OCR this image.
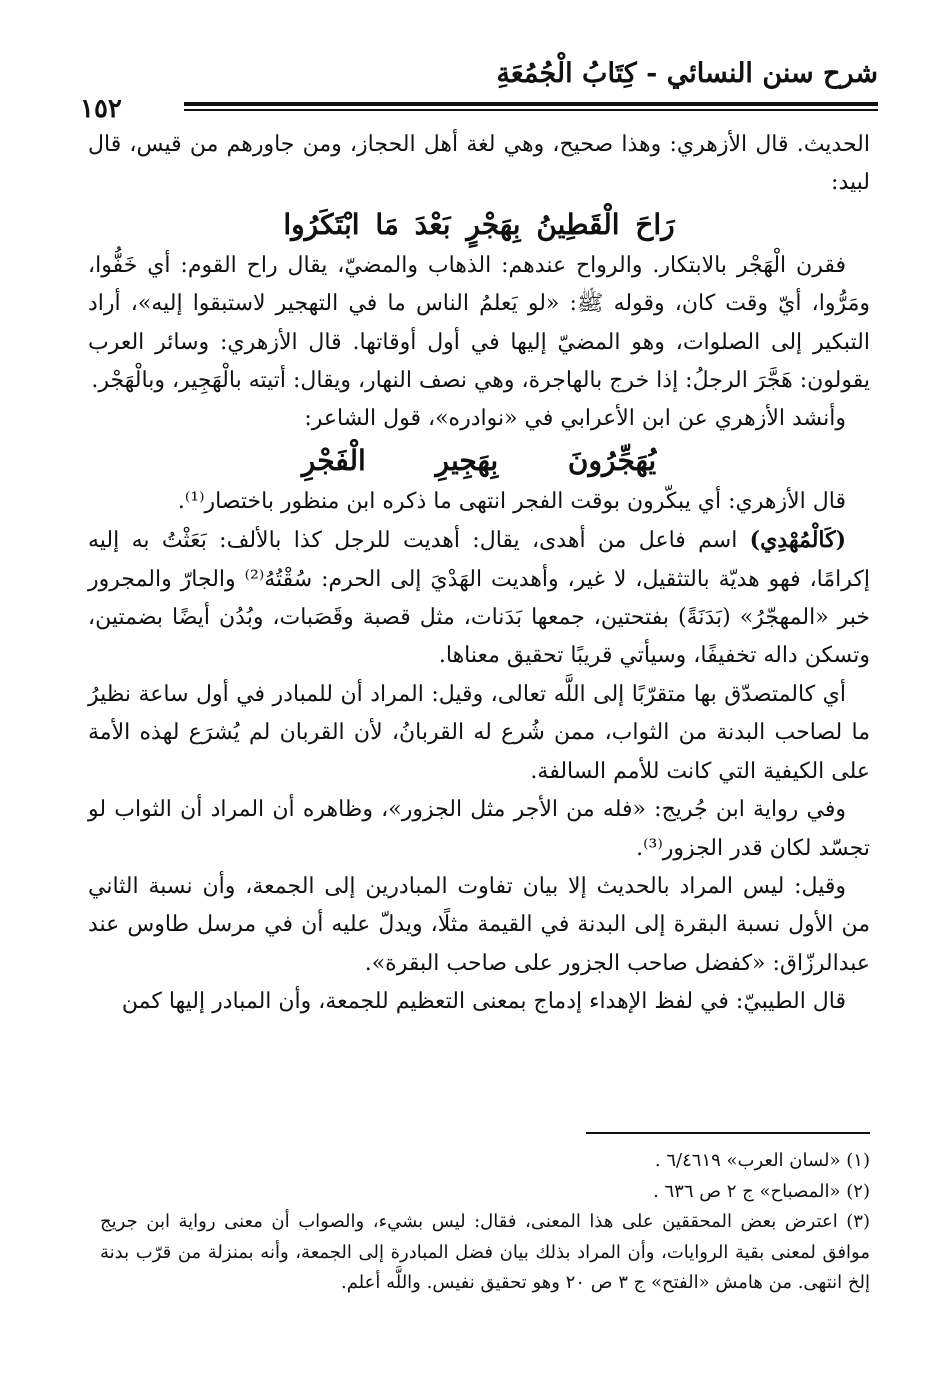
شرح سنن النسائي - كِتَابُ الْجُمُعَةِ
١٥٢

الحديث. قال الأزهري: وهذا صحيح، وهي لغة أهل الحجاز، ومن جاورهم من قيس، قال لبيد:

رَاحَ الْقَطِينُ بِهَجْرٍ بَعْدَ مَا ابْتَكَرُوا

فقرن الْهَجْر بالابتكار. والرواح عندهم: الذهاب والمضيّ، يقال راح القوم: أي خَفُّوا، ومَرُّوا، أيّ وقت كان، وقوله ﷺ: «لو يَعلمُ الناس ما في التهجير لاستبقوا إليه»، أراد التبكير إلى الصلوات، وهو المضيّ إليها في أول أوقاتها. قال الأزهري: وسائر العرب يقولون: هَجَّرَ الرجلُ: إذا خرج بالهاجرة، وهي نصف النهار، ويقال: أتيته بالْهَجِير، وبالْهَجْر.

وأنشد الأزهري عن ابن الأعرابي في «نوادره»، قول الشاعر:

يُهَجِّرُونَ بِهَجِيرِ الْفَجْرِ

قال الأزهري: أي يبكّرون بوقت الفجر انتهى ما ذكره ابن منظور باختصار⁽¹⁾.

(كَالْمُهْدِي) اسم فاعل من أهدى، يقال: أهديت للرجل كذا بالألف: بَعَثْتُ به إليه إكرامًا، فهو هديّة بالتثقيل، لا غير، وأهديت الهَدْيَ إلى الحرم: سُقْتُهُ⁽²⁾ والجارّ والمجرور خبر «المهجّرُ» (بَدَنَةً) بفتحتين، جمعها بَدَنات، مثل قصبة وقَصَبات، وبُدُن أيضًا بضمتين، وتسكن داله تخفيفًا، وسيأتي قريبًا تحقيق معناها.

أي كالمتصدّق بها متقرّبًا إلى اللَّه تعالى، وقيل: المراد أن للمبادر في أول ساعة نظيرُ ما لصاحب البدنة من الثواب، ممن شُرع له القربانُ، لأن القربان لم يُشرَع لهذه الأمة على الكيفية التي كانت للأمم السالفة.

وفي رواية ابن جُريج: «فله من الأجر مثل الجزور»، وظاهره أن المراد أن الثواب لو تجسّد لكان قدر الجزور⁽³⁾.

وقيل: ليس المراد بالحديث إلا بيان تفاوت المبادرين إلى الجمعة، وأن نسبة الثاني من الأول نسبة البقرة إلى البدنة في القيمة مثلًا، ويدلّ عليه أن في مرسل طاوس عند عبدالرزّاق: «كفضل صاحب الجزور على صاحب البقرة».

قال الطيبيّ: في لفظ الإهداء إدماج بمعنى التعظيم للجمعة، وأن المبادر إليها كمن

(١) «لسان العرب» ٦/٤٦١٩ .

(٢) «المصباح» ج ٢ ص ٦٣٦ .

(٣) اعترض بعض المحققين على هذا المعنى، فقال: ليس بشيء، والصواب أن معنى رواية ابن جريج موافق لمعنى بقية الروايات، وأن المراد بذلك بيان فضل المبادرة إلى الجمعة، وأنه بمنزلة من قرّب بدنة إلخ انتهى. من هامش «الفتح» ج ٣ ص ٢٠ وهو تحقيق نفيس. واللَّه أعلم.
